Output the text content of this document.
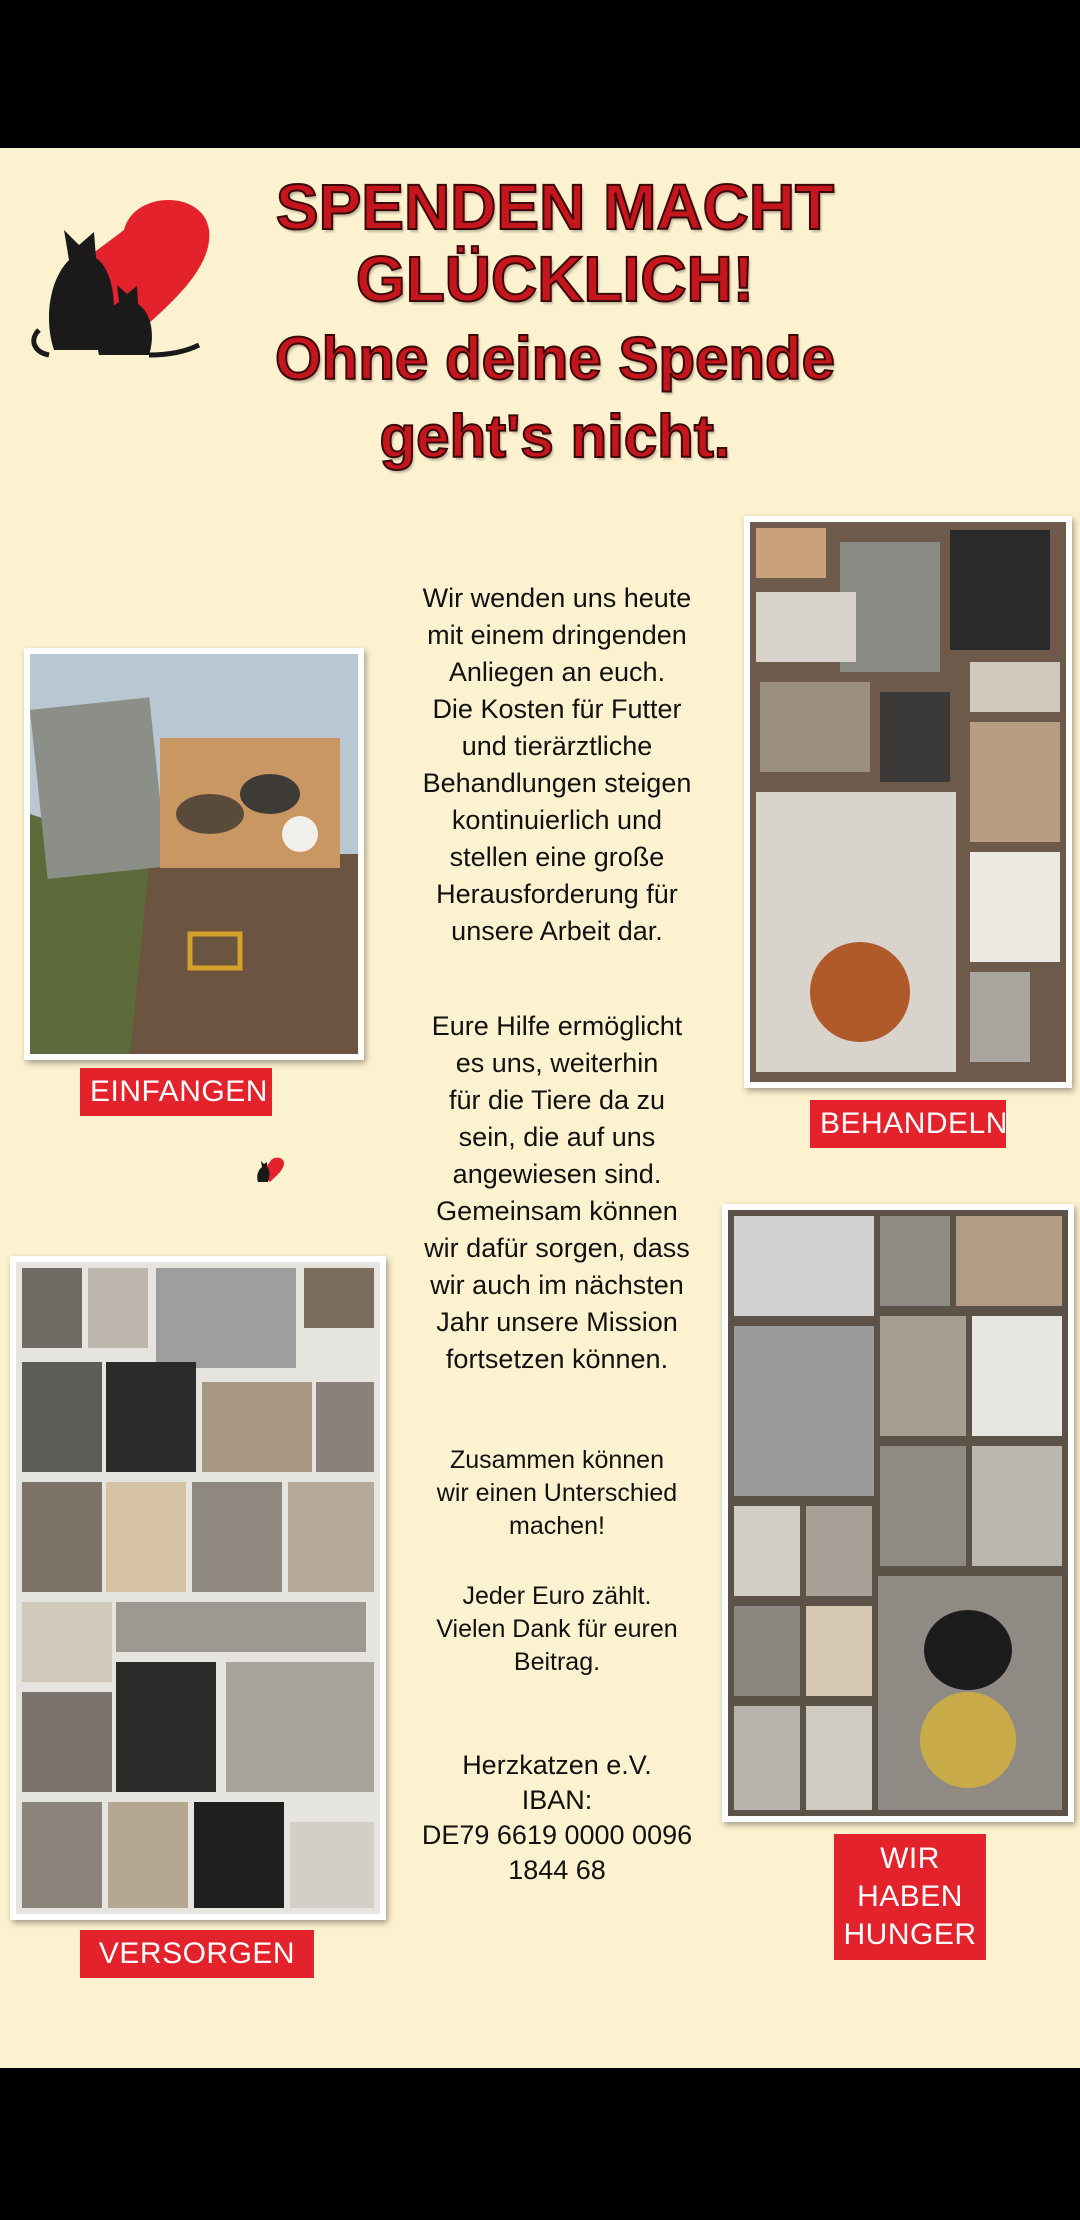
SPENDEN MACHT
GLÜCKLICH!
Ohne deine Spende
geht's nicht.
Wir wenden uns heute
mit einem dringenden
Anliegen an euch.
Die Kosten für Futter
und tierärztliche
Behandlungen steigen
kontinuierlich und
stellen eine große
Herausforderung für
unsere Arbeit dar.
Eure Hilfe ermöglicht
es uns, weiterhin
für die Tiere da zu
sein, die auf uns
angewiesen sind.
Gemeinsam können
wir dafür sorgen, dass
wir auch im nächsten
Jahr unsere Mission
fortsetzen können.
Zusammen können
wir einen Unterschied
machen!
Jeder Euro zählt.
Vielen Dank für euren
Beitrag.
Herzkatzen e.V.
IBAN:
DE79 6619 0000 0096
1844 68
EINFANGEN
BEHANDELN
VERSORGEN
WIR
HABEN
HUNGER
